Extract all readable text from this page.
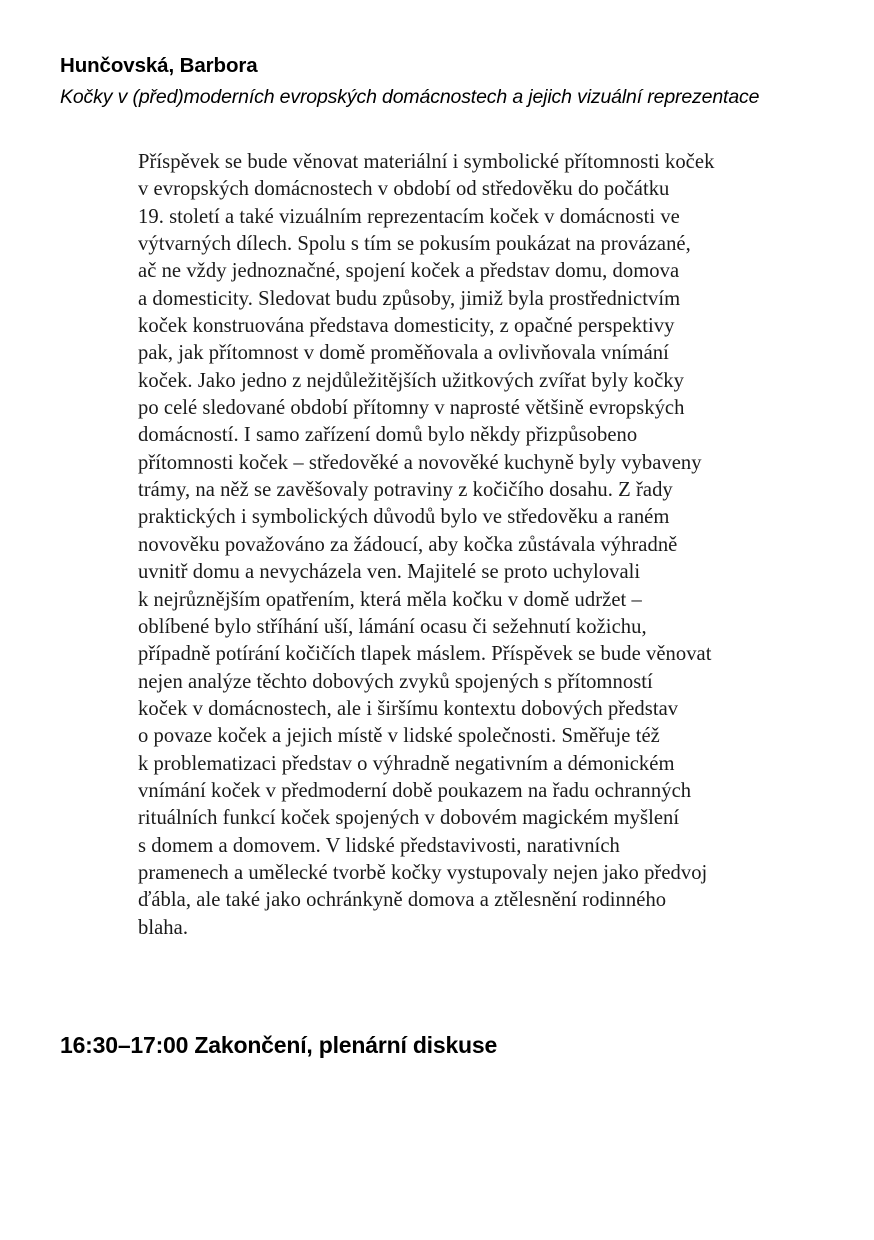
Hunčovská, Barbora
Kočky v (před)moderních evropských domácnostech a jejich vizuální reprezentace
Příspěvek se bude věnovat materiální i symbolické přítomnosti koček
v evropských domácnostech v období od středověku do počátku
19. století a také vizuálním reprezentacím koček v domácnosti ve
výtvarných dílech. Spolu s tím se pokusím poukázat na provázané,
ač ne vždy jednoznačné, spojení koček a představ domu, domova
a domesticity. Sledovat budu způsoby, jimiž byla prostřednictvím
koček konstruována představa domesticity, z opačné perspektivy
pak, jak přítomnost v domě proměňovala a ovlivňovala vnímání
koček. Jako jedno z nejdůležitějších užitkových zvířat byly kočky
po celé sledované období přítomny v naprosté většině evropských
domácností. I samo zařízení domů bylo někdy přizpůsobeno
přítomnosti koček – středověké a novověké kuchyně byly vybaveny
trámy, na něž se zavěšovaly potraviny z kočičího dosahu. Z řady
praktických i symbolických důvodů bylo ve středověku a raném
novověku považováno za žádoucí, aby kočka zůstávala výhradně
uvnitř domu a nevycházela ven. Majitelé se proto uchylovali
k nejrůznějším opatřením, která měla kočku v domě udržet –
oblíbené bylo stříhání uší, lámání ocasu či sežehnutí kožichu,
případně potírání kočičích tlapek máslem. Příspěvek se bude věnovat
nejen analýze těchto dobových zvyků spojených s přítomností
koček v domácnostech, ale i širšímu kontextu dobových představ
o povaze koček a jejich místě v lidské společnosti. Směřuje též
k problematizaci představ o výhradně negativním a démonickém
vnímání koček v předmoderní době poukazem na řadu ochranných
rituálních funkcí koček spojených v dobovém magickém myšlení
s domem a domovem. V lidské představivosti, narativních
pramenech a umělecké tvorbě kočky vystupovaly nejen jako předvoj
ďábla, ale také jako ochránkyně domova a ztělesnění rodinného
blaha.
16:30–17:00 Zakončení, plenární diskuse
